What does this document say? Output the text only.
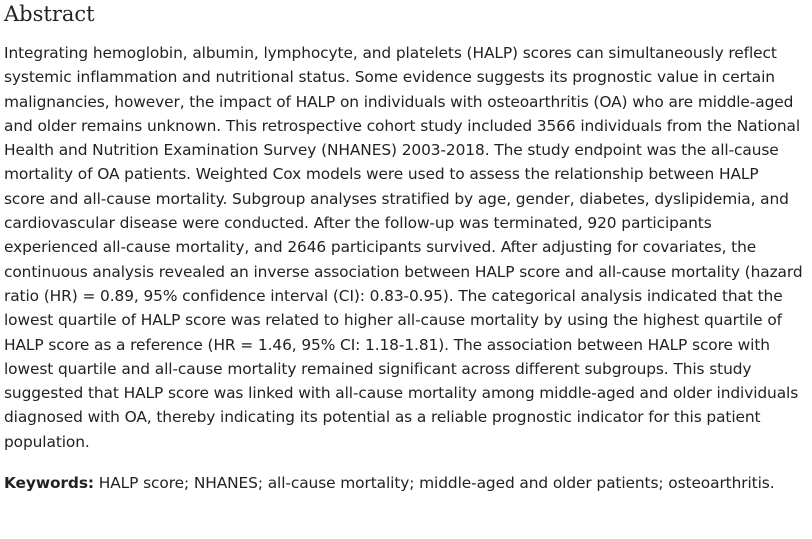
Abstract

Integrating hemoglobin, albumin, lymphocyte, and platelets (HALP) scores can simultaneously reflect systemic inflammation and nutritional status. Some evidence suggests its prognostic value in certain malignancies, however, the impact of HALP on individuals with osteoarthritis (OA) who are middle-aged and older remains unknown. This retrospective cohort study included 3566 individuals from the National Health and Nutrition Examination Survey (NHANES) 2003-2018. The study endpoint was the all-cause mortality of OA patients. Weighted Cox models were used to assess the relationship between HALP score and all-cause mortality. Subgroup analyses stratified by age, gender, diabetes, dyslipidemia, and cardiovascular disease were conducted. After the follow-up was terminated, 920 participants experienced all-cause mortality, and 2646 participants survived. After adjusting for covariates, the continuous analysis revealed an inverse association between HALP score and all-cause mortality (hazard ratio (HR) = 0.89, 95% confidence interval (CI): 0.83-0.95). The categorical analysis indicated that the lowest quartile of HALP score was related to higher all-cause mortality by using the highest quartile of HALP score as a reference (HR = 1.46, 95% CI: 1.18-1.81). The association between HALP score with lowest quartile and all-cause mortality remained significant across different subgroups. This study suggested that HALP score was linked with all-cause mortality among middle-aged and older individuals diagnosed with OA, thereby indicating its potential as a reliable prognostic indicator for this patient population.

Keywords: HALP score; NHANES; all-cause mortality; middle-aged and older patients; osteoarthritis.
